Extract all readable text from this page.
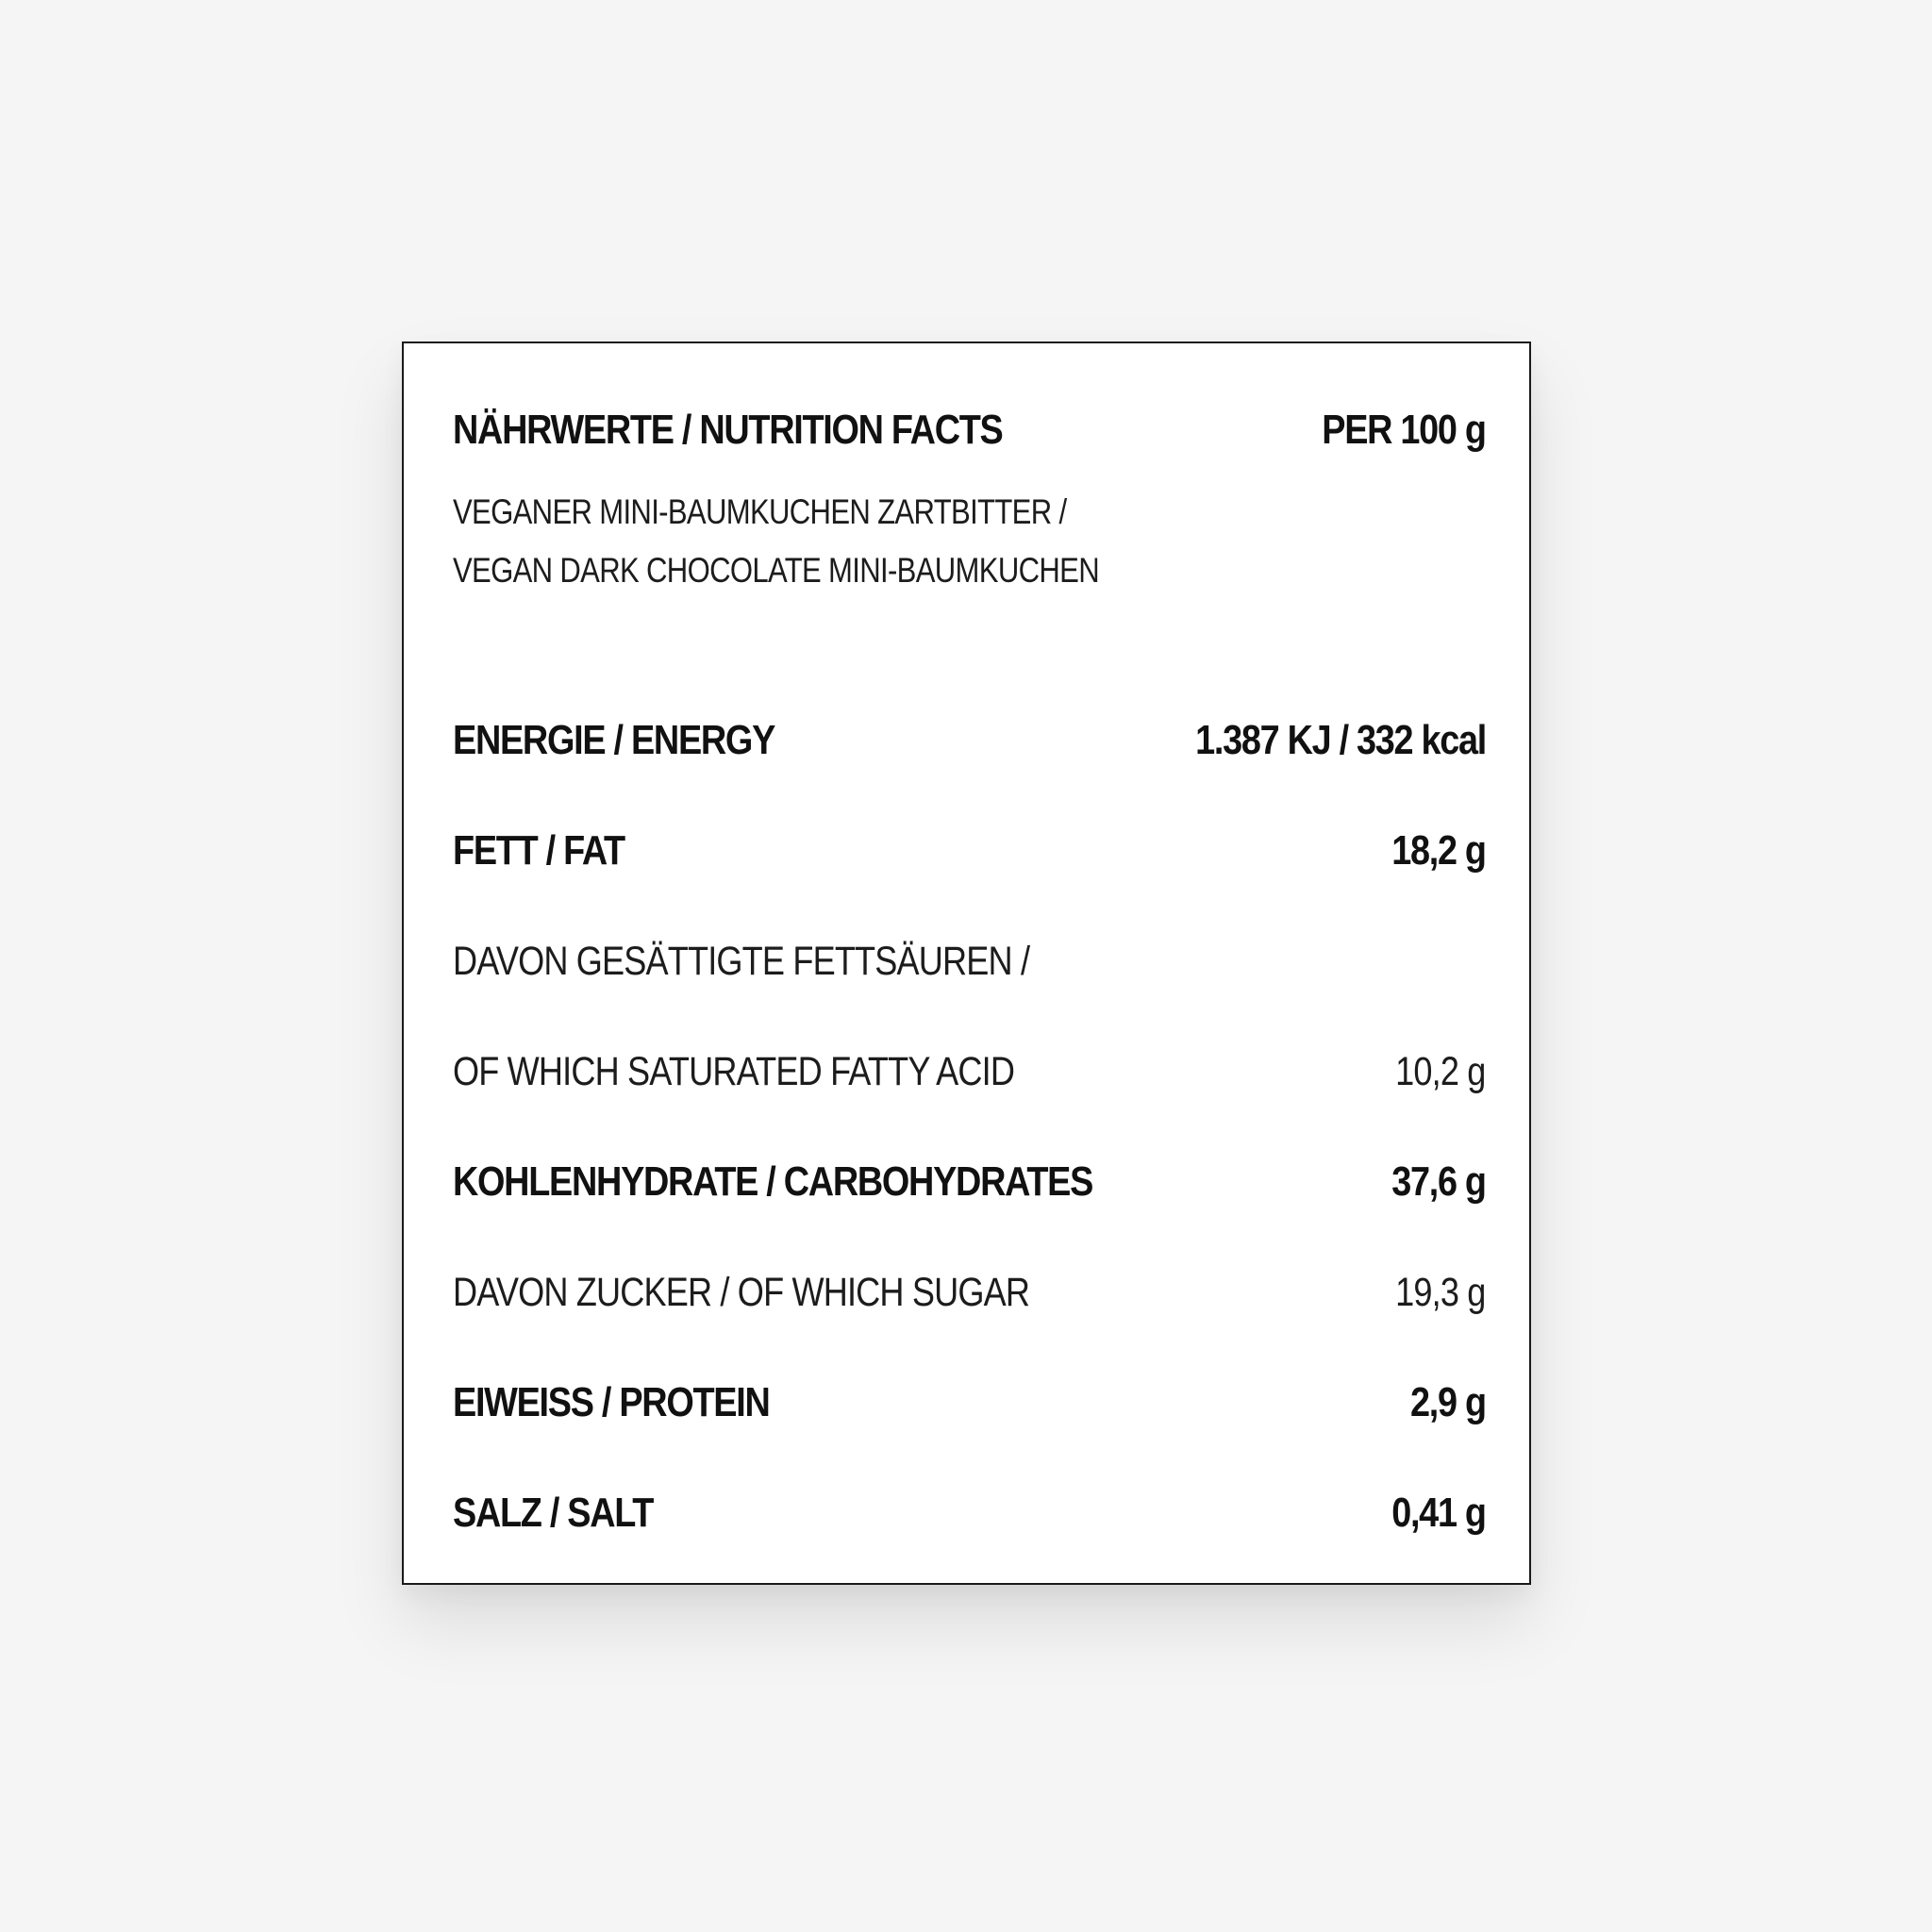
NÄHRWERTE / NUTRITION FACTS	PER 100 g
VEGANER MINI-BAUMKUCHEN ZARTBITTER /
VEGAN DARK CHOCOLATE MINI-BAUMKUCHEN
ENERGIE / ENERGY	1.387 KJ / 332 kcal
FETT / FAT	18,2 g
DAVON GESÄTTIGTE FETTSÄUREN /
OF WHICH SATURATED FATTY ACID	10,2 g
KOHLENHYDRATE / CARBOHYDRATES	37,6 g
DAVON ZUCKER / OF WHICH SUGAR	19,3 g
EIWEISS / PROTEIN	2,9 g
SALZ / SALT	0,41 g
